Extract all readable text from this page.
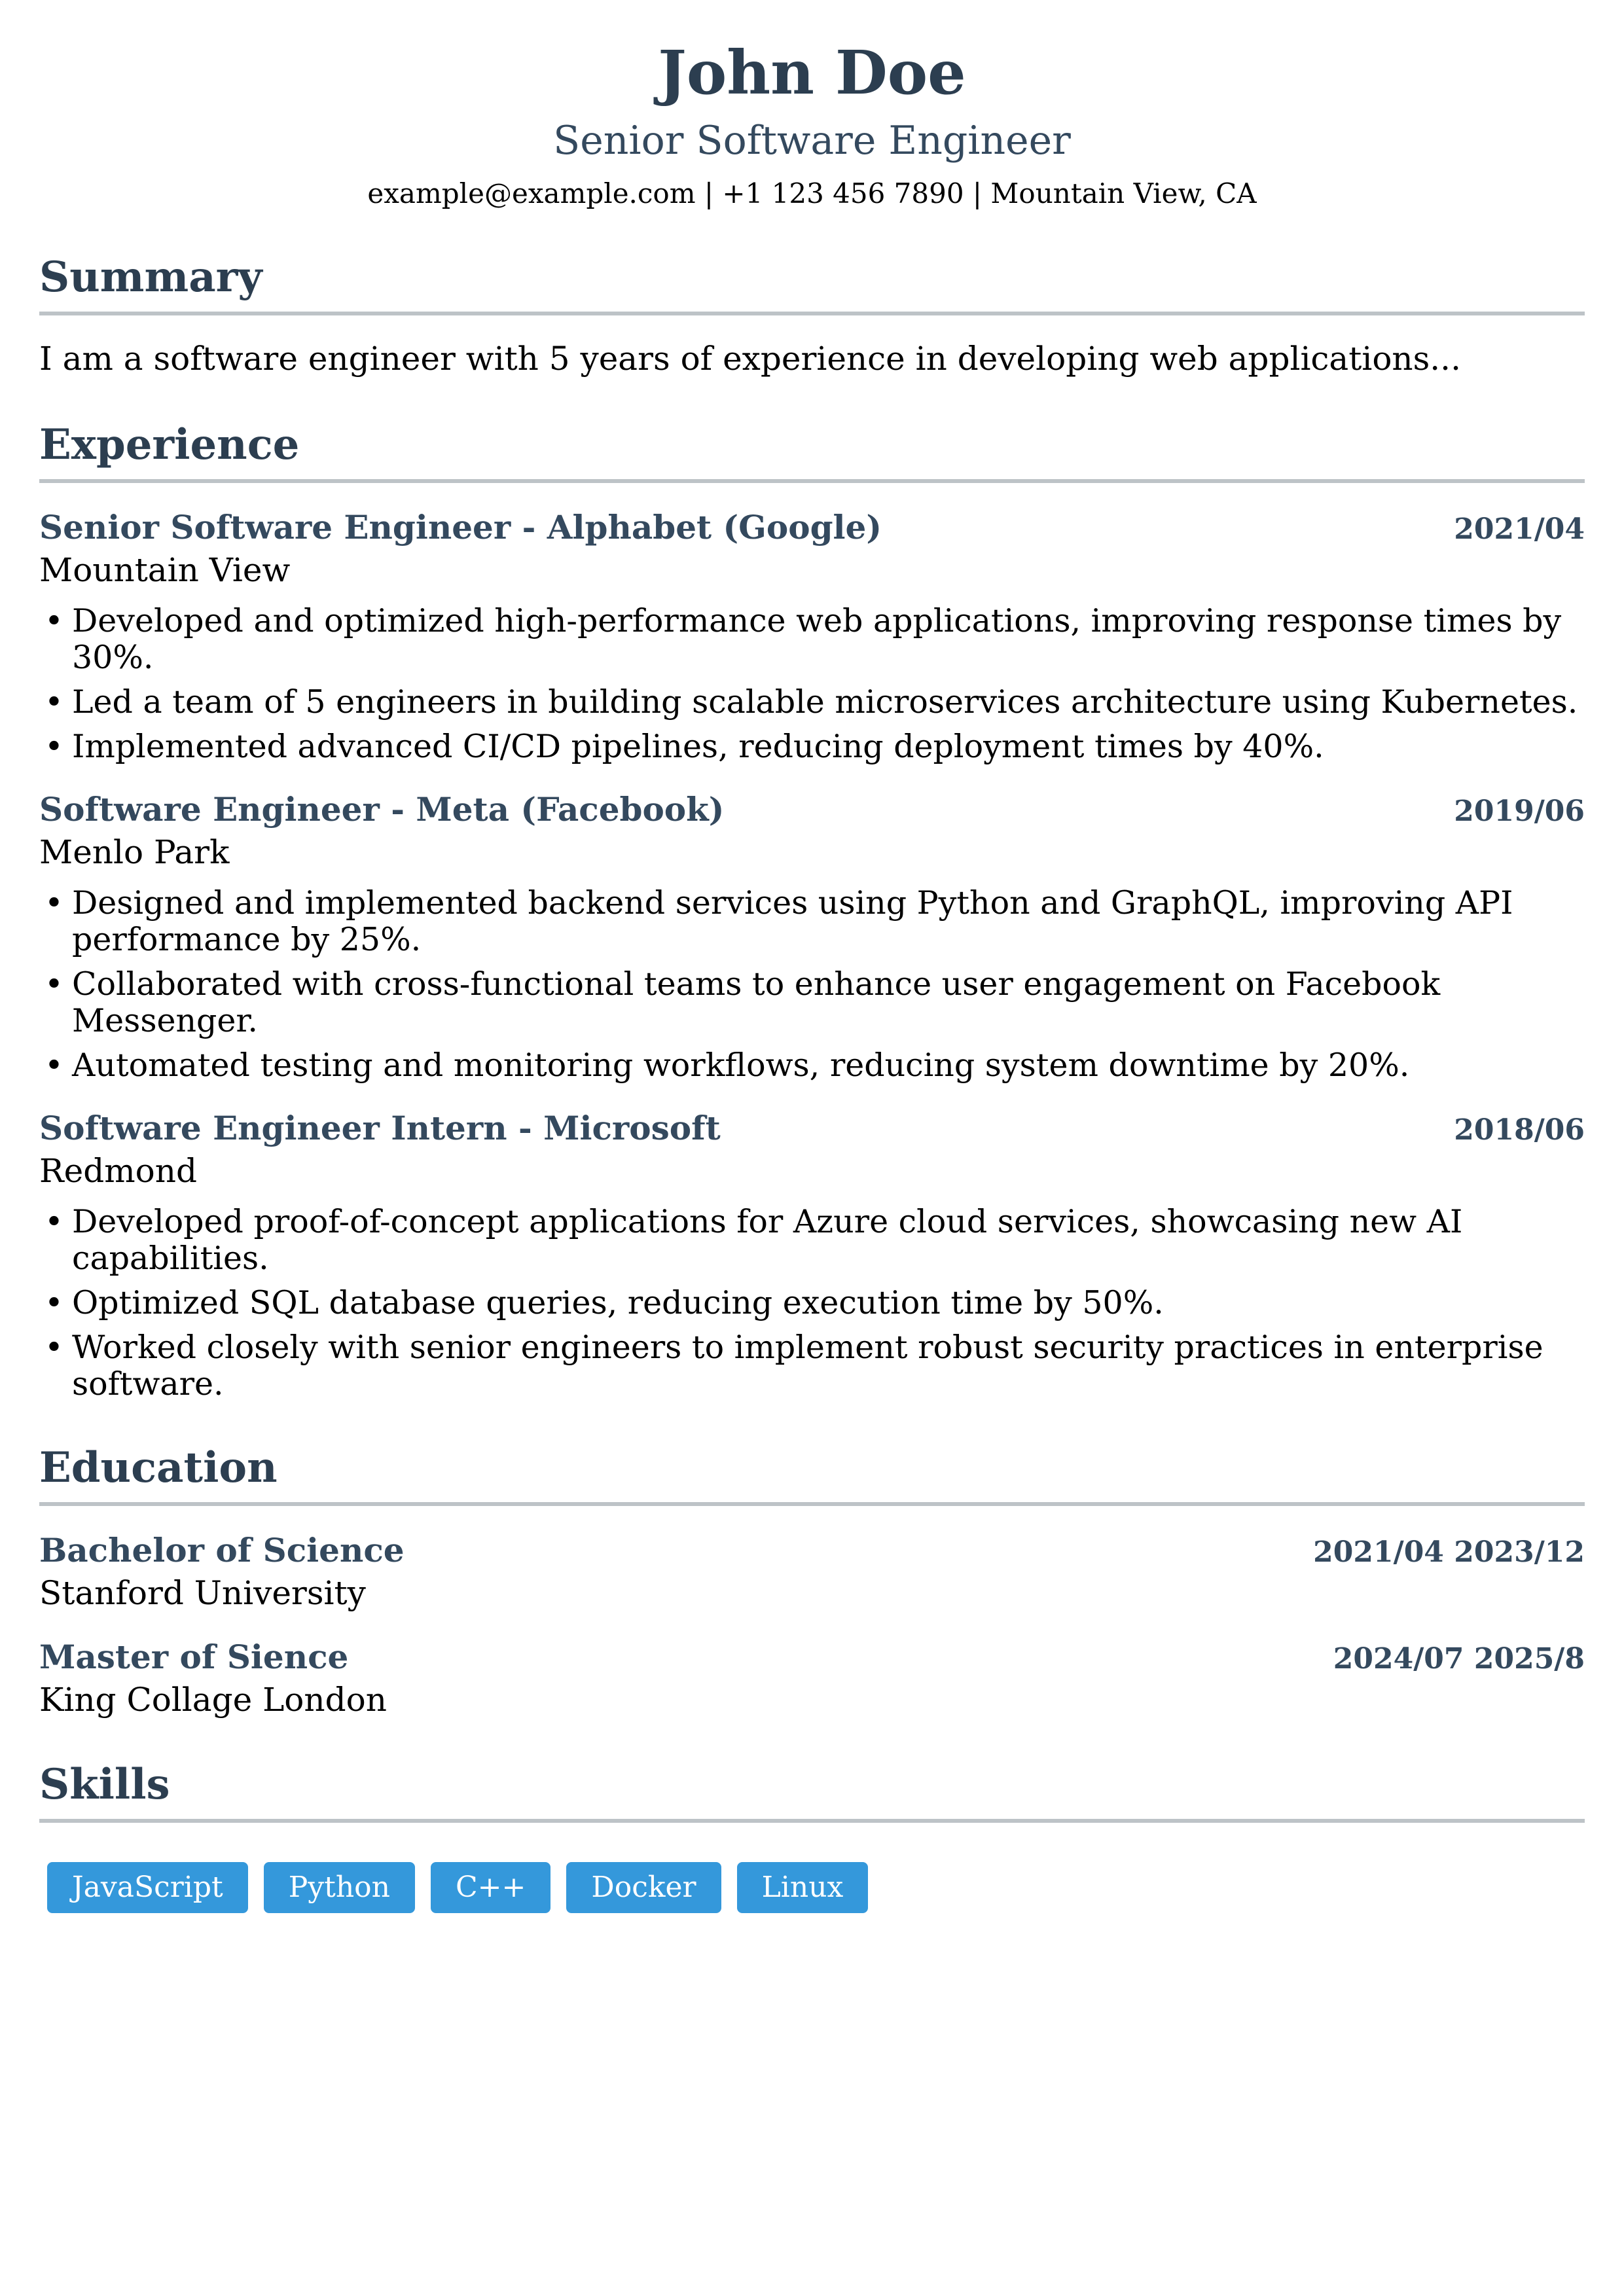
John Doe
Senior Software Engineer
example@example.com | +1 123 456 7890 | Mountain View, CA
Summary
I am a software engineer with 5 years of experience in developing web applications...
Experience
Senior Software Engineer - Alphabet (Google)	2021/04
Mountain View
• Developed and optimized high-performance web applications, improving response times by 30%.
• Led a team of 5 engineers in building scalable microservices architecture using Kubernetes.
• Implemented advanced CI/CD pipelines, reducing deployment times by 40%.
Software Engineer - Meta (Facebook)	2019/06
Menlo Park
• Designed and implemented backend services using Python and GraphQL, improving API performance by 25%.
• Collaborated with cross-functional teams to enhance user engagement on Facebook Messenger.
• Automated testing and monitoring workflows, reducing system downtime by 20%.
Software Engineer Intern - Microsoft	2018/06
Redmond
• Developed proof-of-concept applications for Azure cloud services, showcasing new AI capabilities.
• Optimized SQL database queries, reducing execution time by 50%.
• Worked closely with senior engineers to implement robust security practices in enterprise software.
Education
Bachelor of Science	2021/04 2023/12
Stanford University
Master of Sience	2024/07 2025/8
King Collage London
Skills
JavaScript	Python	C++	Docker	Linux
